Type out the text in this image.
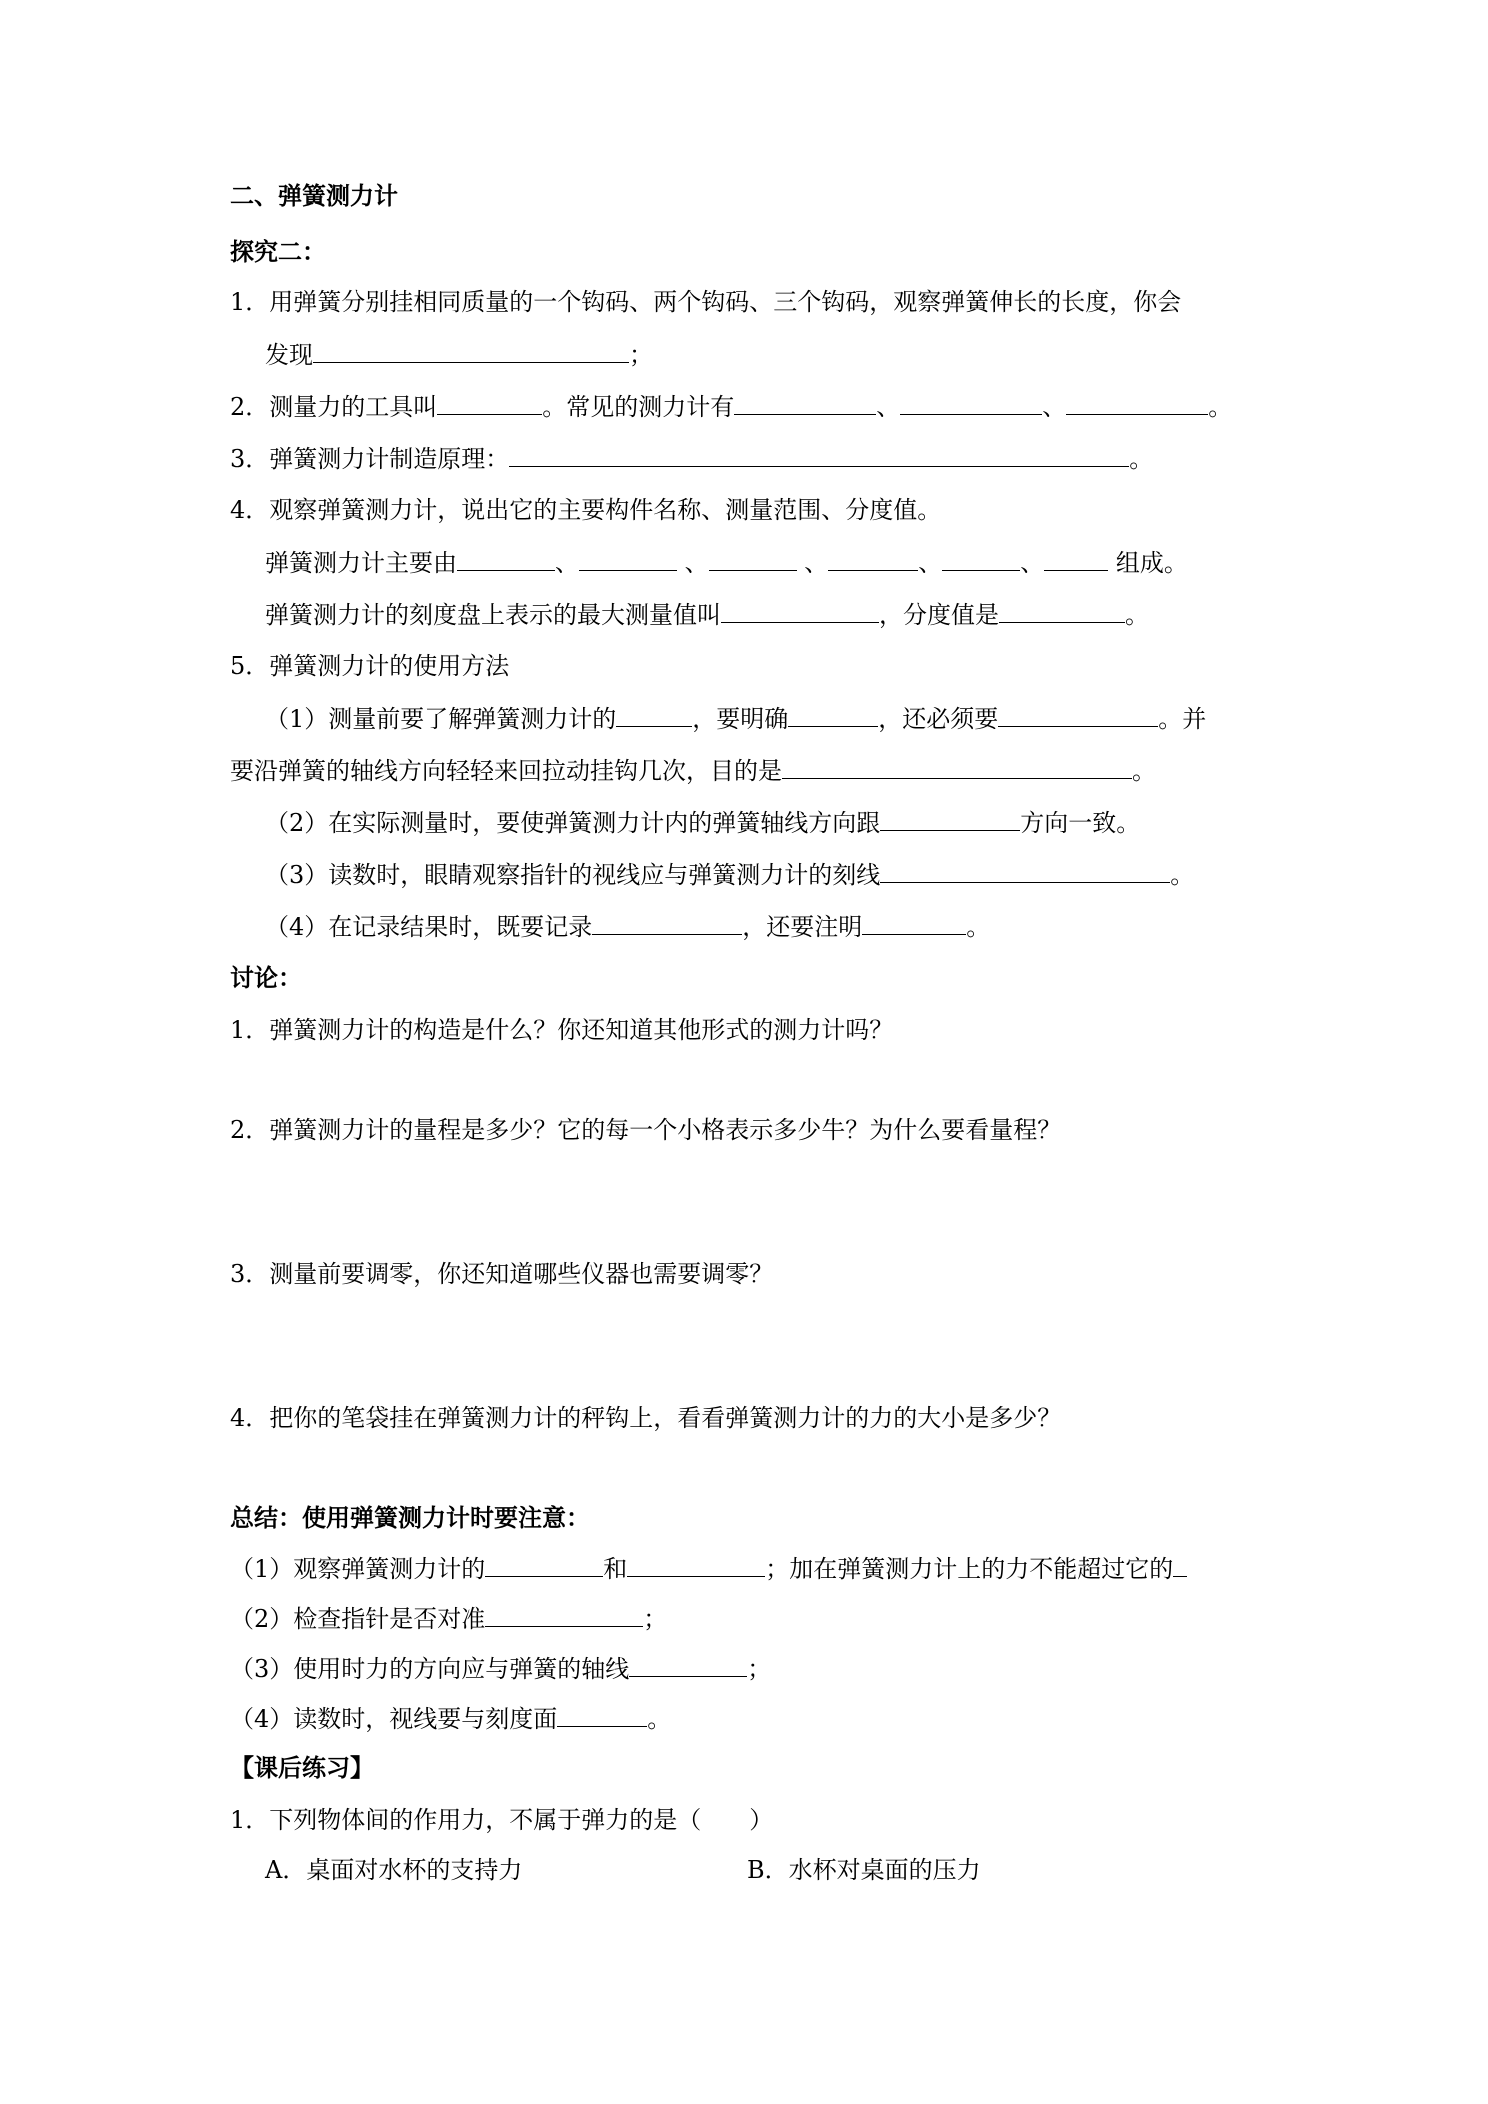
二、弹簧测力计
探究二：
1．用弹簧分别挂相同质量的一个钩码、两个钩码、三个钩码，观察弹簧伸长的长度，你会
发现	；
2．测量力的工具叫	。常见的测力计有	、	、	。
3．弹簧测力计制造原理：	。
4．观察弹簧测力计，说出它的主要构件名称、测量范围、分度值。
弹簧测力计主要由	、	、	、	、	、	组成。
弹簧测力计的刻度盘上表示的最大测量值叫	，分度值是	。
5．弹簧测力计的使用方法
（1）测量前要了解弹簧测力计的	，要明确	，还必须要	。并
要沿弹簧的轴线方向轻轻来回拉动挂钩几次，目的是	。
（2）在实际测量时，要使弹簧测力计内的弹簧轴线方向跟	方向一致。
（3）读数时，眼睛观察指针的视线应与弹簧测力计的刻线	。
（4）在记录结果时，既要记录	，还要注明	。
讨论：
1．弹簧测力计的构造是什么？你还知道其他形式的测力计吗？
2．弹簧测力计的量程是多少？它的每一个小格表示多少牛？为什么要看量程？
3．测量前要调零，你还知道哪些仪器也需要调零？
4．把你的笔袋挂在弹簧测力计的秤钩上，看看弹簧测力计的力的大小是多少？
总结：使用弹簧测力计时要注意：
（1）观察弹簧测力计的	和	；加在弹簧测力计上的力不能超过它的
（2）检查指针是否对准	；
（3）使用时力的方向应与弹簧的轴线	；
（4）读数时，视线要与刻度面	。
【课后练习】
1．下列物体间的作用力，不属于弹力的是（　　）
A．桌面对水杯的支持力	B．水杯对桌面的压力
